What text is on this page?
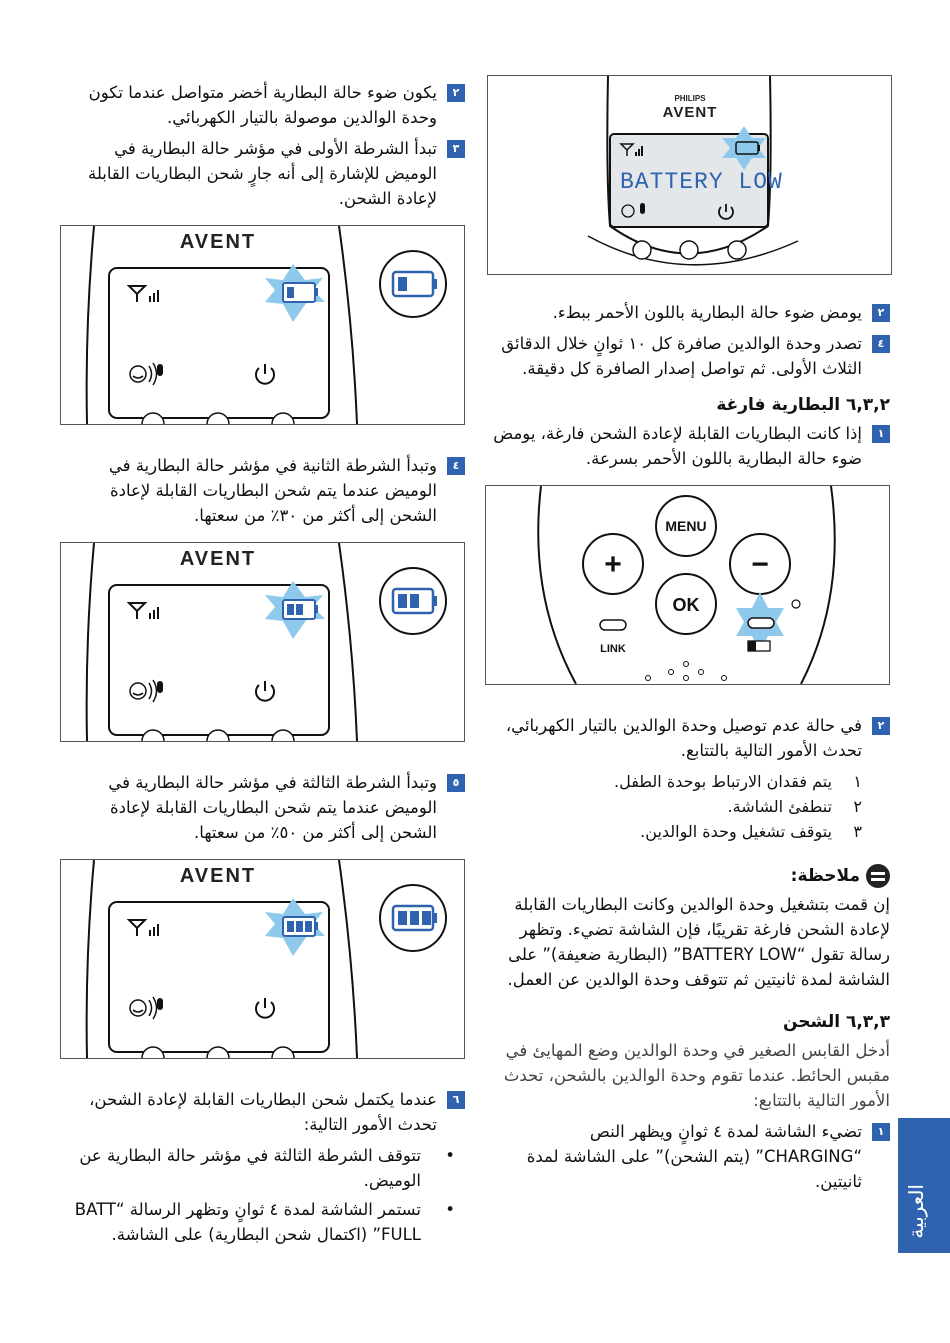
٢
يكون ضوء حالة البطارية أخضر متواصل عندما تكون وحدة الوالدين موصولة بالتيار الكهربائي.
٣
تبدأ الشرطة الأولى في مؤشر حالة البطارية في الوميض للإشارة إلى أنه جارٍ شحن البطاريات القابلة لإعادة الشحن.
٤
وتبدأ الشرطة الثانية في مؤشر حالة البطارية في الوميض عندما يتم شحن البطاريات القابلة لإعادة الشحن إلى أكثر من ٣٠٪ من سعتها.
٥
وتبدأ الشرطة الثالثة في مؤشر حالة البطارية في الوميض عندما يتم شحن البطاريات القابلة لإعادة الشحن إلى أكثر من ٥٠٪ من سعتها.
٦
عندما يكتمل شحن البطاريات القابلة لإعادة الشحن، تحدث الأمور التالية:
•
تتوقف الشرطة الثالثة في مؤشر حالة البطارية عن الوميض.
•
تستمر الشاشة لمدة ٤ ثوانٍ وتظهر الرسالة “BATT FULL” (اكتمال شحن البطارية) على الشاشة.
PHILIPS
AVENT
BATTERY LOW
٢
يومض ضوء حالة البطارية باللون الأحمر ببطء.
٤
تصدر وحدة الوالدين صافرة كل ١٠ ثوانٍ خلال الدقائق الثلاث الأولى. ثم تواصل إصدار الصافرة كل دقيقة.
٦,٣,٢ البطارية فارغة
١
إذا كانت البطاريات القابلة لإعادة الشحن فارغة، يومض ضوء حالة البطارية باللون الأحمر بسرعة.
MENU
+	−
OK
LINK
٢
في حالة عدم توصيل وحدة الوالدين بالتيار الكهربائي، تحدث الأمور التالية بالتتابع.
١يتم فقدان الارتباط بوحدة الطفل.
٢تنطفئ الشاشة.
٣يتوقف تشغيل وحدة الوالدين.
ملاحظة:
إن قمت بتشغيل وحدة الوالدين وكانت البطاريات القابلة لإعادة الشحن فارغة تقريبًا، فإن الشاشة تضيء. وتظهر رسالة تقول “BATTERY LOW” (البطارية ضعيفة)” على الشاشة لمدة ثانيتين ثم تتوقف وحدة الوالدين عن العمل.
٦,٣,٣ الشحن
أدخل القابس الصغير في وحدة الوالدين وضع المهايئ في مقبس الحائط. عندما تقوم وحدة الوالدين بالشحن، تحدث الأمور التالية بالتتابع:
١
تضيء الشاشة لمدة ٤ ثوانٍ ويظهر النص “CHARGING” (يتم الشحن)” على الشاشة لمدة ثانيتين.
العربية
